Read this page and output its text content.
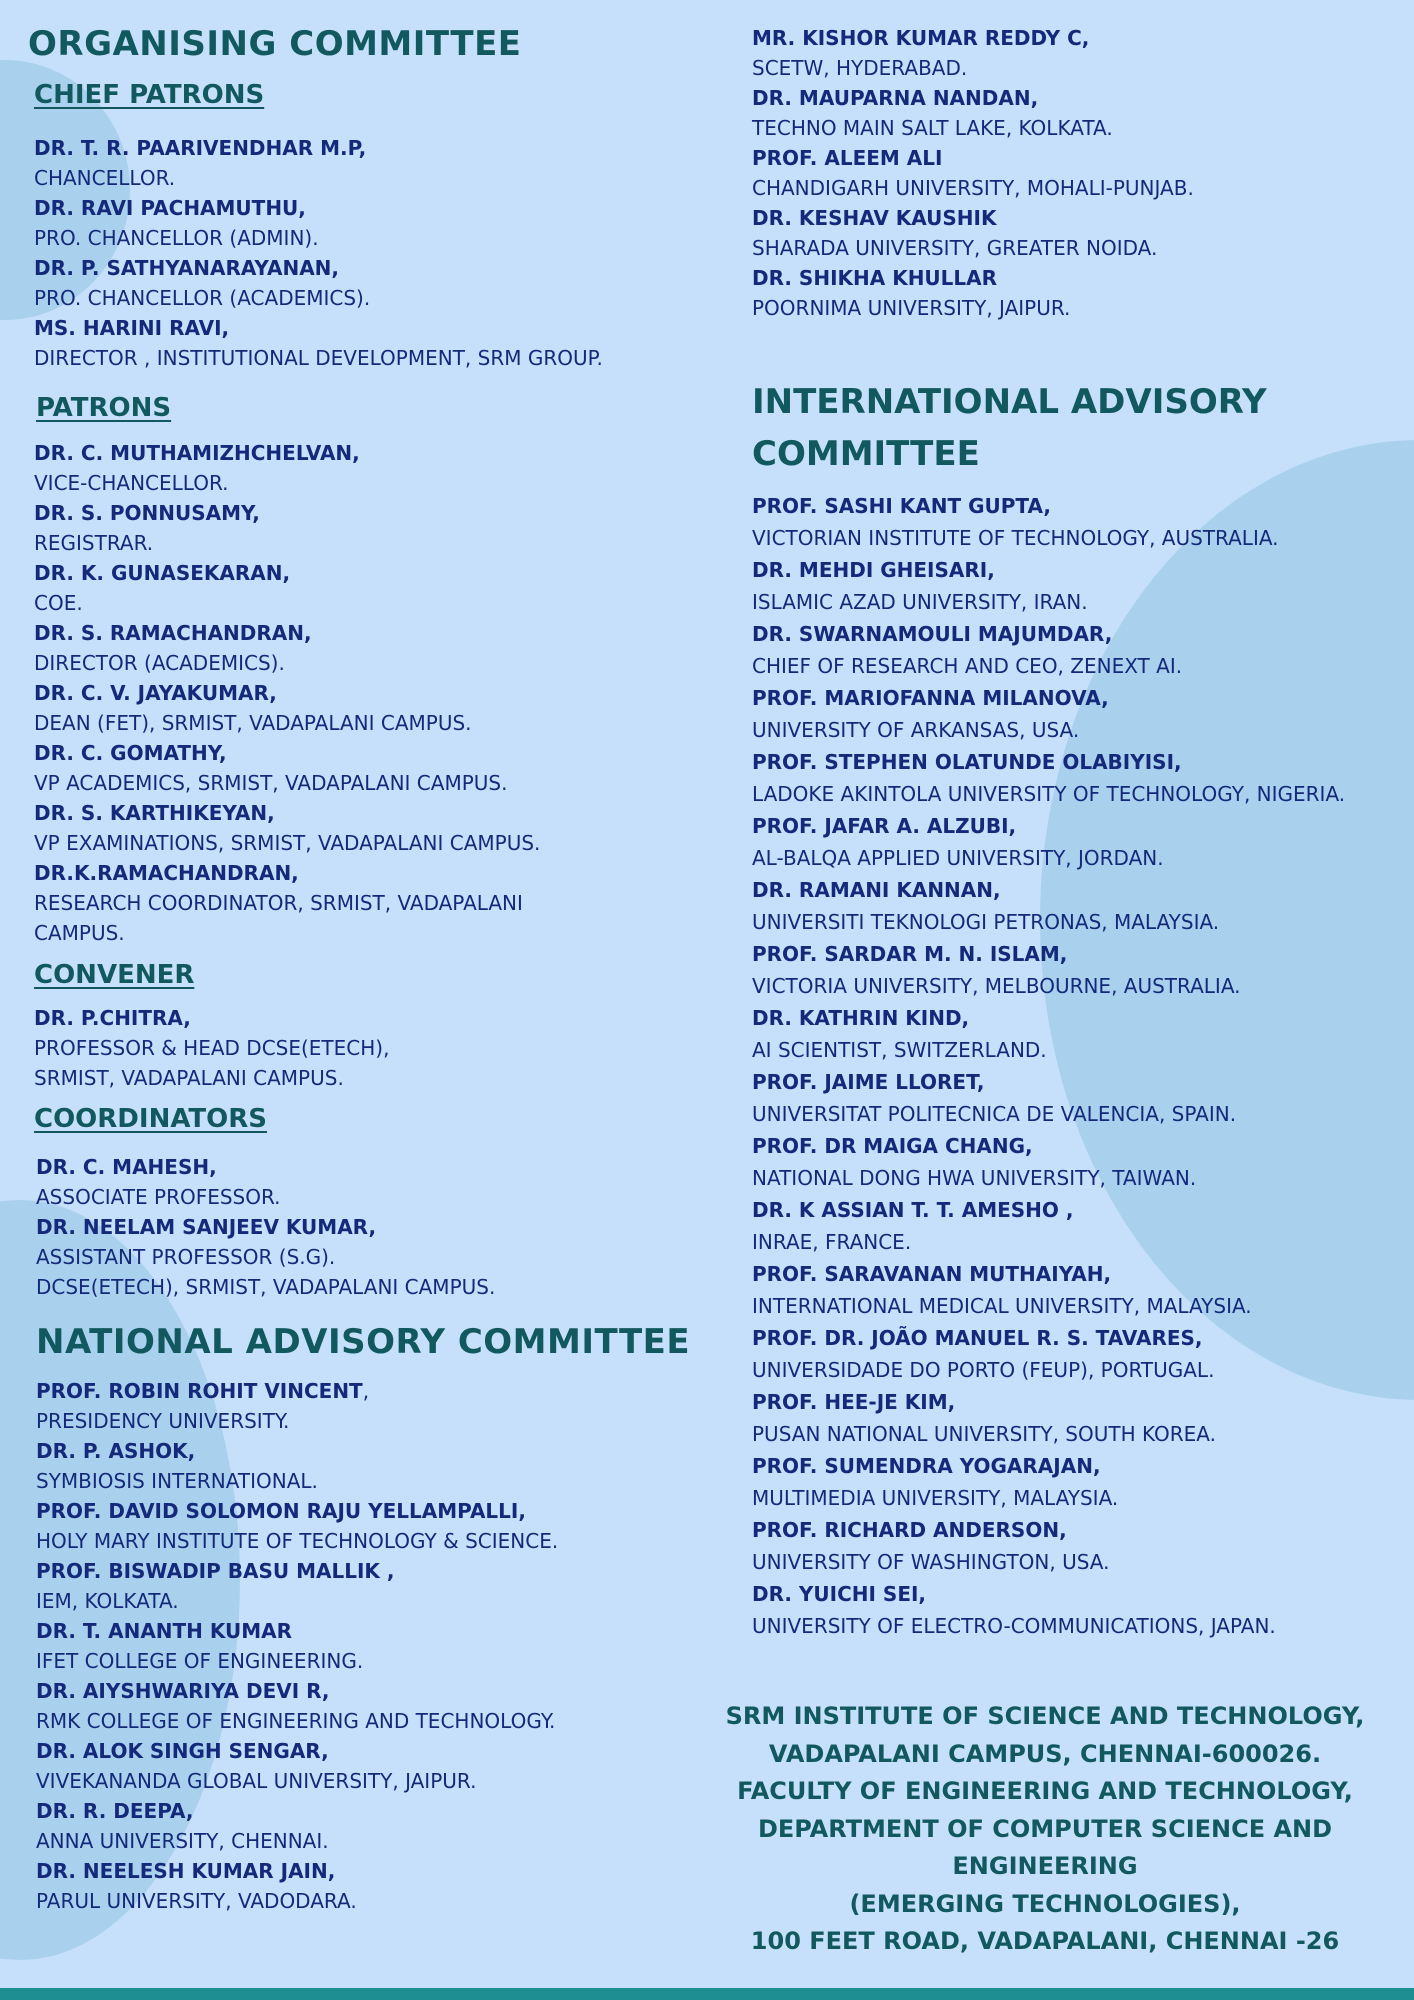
ORGANISING COMMITTEE
CHIEF PATRONS
DR. T. R. PAARIVENDHAR M.P,
CHANCELLOR.
DR. RAVI PACHAMUTHU,
PRO. CHANCELLOR (ADMIN).
DR. P. SATHYANARAYANAN,
PRO. CHANCELLOR (ACADEMICS).
MS. HARINI RAVI,
DIRECTOR , INSTITUTIONAL DEVELOPMENT, SRM GROUP.
PATRONS
DR. C. MUTHAMIZHCHELVAN,
VICE-CHANCELLOR.
DR. S. PONNUSAMY,
REGISTRAR.
DR. K. GUNASEKARAN,
COE.
DR. S. RAMACHANDRAN,
DIRECTOR (ACADEMICS).
DR. C. V. JAYAKUMAR,
DEAN (FET), SRMIST, VADAPALANI CAMPUS.
DR. C. GOMATHY,
VP ACADEMICS, SRMIST, VADAPALANI CAMPUS.
DR. S. KARTHIKEYAN,
VP EXAMINATIONS, SRMIST, VADAPALANI CAMPUS.
DR.K.RAMACHANDRAN,
RESEARCH COORDINATOR, SRMIST, VADAPALANI CAMPUS.
CONVENER
DR. P.CHITRA,
PROFESSOR & HEAD DCSE(ETECH),
SRMIST, VADAPALANI CAMPUS.
COORDINATORS
DR. C. MAHESH,
ASSOCIATE PROFESSOR.
DR. NEELAM SANJEEV KUMAR,
ASSISTANT PROFESSOR (S.G).
DCSE(ETECH), SRMIST, VADAPALANI CAMPUS.
NATIONAL ADVISORY COMMITTEE
PROF. ROBIN ROHIT VINCENT,
PRESIDENCY UNIVERSITY.
DR. P. ASHOK,
SYMBIOSIS INTERNATIONAL.
PROF. DAVID SOLOMON RAJU YELLAMPALLI,
HOLY MARY INSTITUTE OF TECHNOLOGY & SCIENCE.
PROF. BISWADIP BASU MALLIK ,
IEM, KOLKATA.
DR. T. ANANTH KUMAR
IFET COLLEGE OF ENGINEERING.
DR. AIYSHWARIYA DEVI R,
RMK COLLEGE OF ENGINEERING AND TECHNOLOGY.
DR. ALOK SINGH SENGAR,
VIVEKANANDA GLOBAL UNIVERSITY, JAIPUR.
DR. R. DEEPA,
ANNA UNIVERSITY, CHENNAI.
DR. NEELESH KUMAR JAIN,
PARUL UNIVERSITY, VADODARA.
MR. KISHOR KUMAR REDDY C,
SCETW, HYDERABAD.
DR. MAUPARNA NANDAN,
TECHNO MAIN SALT LAKE, KOLKATA.
PROF. ALEEM ALI
CHANDIGARH UNIVERSITY, MOHALI-PUNJAB.
DR. KESHAV KAUSHIK
SHARADA UNIVERSITY, GREATER NOIDA.
DR. SHIKHA KHULLAR
POORNIMA UNIVERSITY, JAIPUR.
INTERNATIONAL ADVISORY
COMMITTEE
PROF. SASHI KANT GUPTA,
VICTORIAN INSTITUTE OF TECHNOLOGY, AUSTRALIA.
DR. MEHDI GHEISARI,
ISLAMIC AZAD UNIVERSITY, IRAN.
DR. SWARNAMOULI MAJUMDAR,
CHIEF OF RESEARCH AND CEO, ZENEXT AI.
PROF. MARIOFANNA MILANOVA,
UNIVERSITY OF ARKANSAS, USA.
PROF. STEPHEN OLATUNDE OLABIYISI,
LADOKE AKINTOLA UNIVERSITY OF TECHNOLOGY, NIGERIA.
PROF. JAFAR A. ALZUBI,
AL-BALQA APPLIED UNIVERSITY, JORDAN.
DR. RAMANI KANNAN,
UNIVERSITI TEKNOLOGI PETRONAS, MALAYSIA.
PROF. SARDAR M. N. ISLAM,
VICTORIA UNIVERSITY, MELBOURNE, AUSTRALIA.
DR. KATHRIN KIND,
AI SCIENTIST, SWITZERLAND.
PROF. JAIME LLORET,
UNIVERSITAT POLITECNICA DE VALENCIA, SPAIN.
PROF. DR MAIGA CHANG,
NATIONAL DONG HWA UNIVERSITY, TAIWAN.
DR. K ASSIAN T. T. AMESHO ,
INRAE, FRANCE.
PROF. SARAVANAN MUTHAIYAH,
INTERNATIONAL MEDICAL UNIVERSITY, MALAYSIA.
PROF. DR. JOÃO MANUEL R. S. TAVARES,
UNIVERSIDADE DO PORTO (FEUP), PORTUGAL.
PROF. HEE-JE KIM,
PUSAN NATIONAL UNIVERSITY, SOUTH KOREA.
PROF. SUMENDRA YOGARAJAN,
MULTIMEDIA UNIVERSITY, MALAYSIA.
PROF. RICHARD ANDERSON,
UNIVERSITY OF WASHINGTON, USA.
DR. YUICHI SEI,
UNIVERSITY OF ELECTRO-COMMUNICATIONS, JAPAN.
SRM INSTITUTE OF SCIENCE AND TECHNOLOGY,
VADAPALANI CAMPUS, CHENNAI-600026.
FACULTY OF ENGINEERING AND TECHNOLOGY,
DEPARTMENT OF COMPUTER SCIENCE AND
ENGINEERING
(EMERGING TECHNOLOGIES),
100 FEET ROAD, VADAPALANI, CHENNAI -26
